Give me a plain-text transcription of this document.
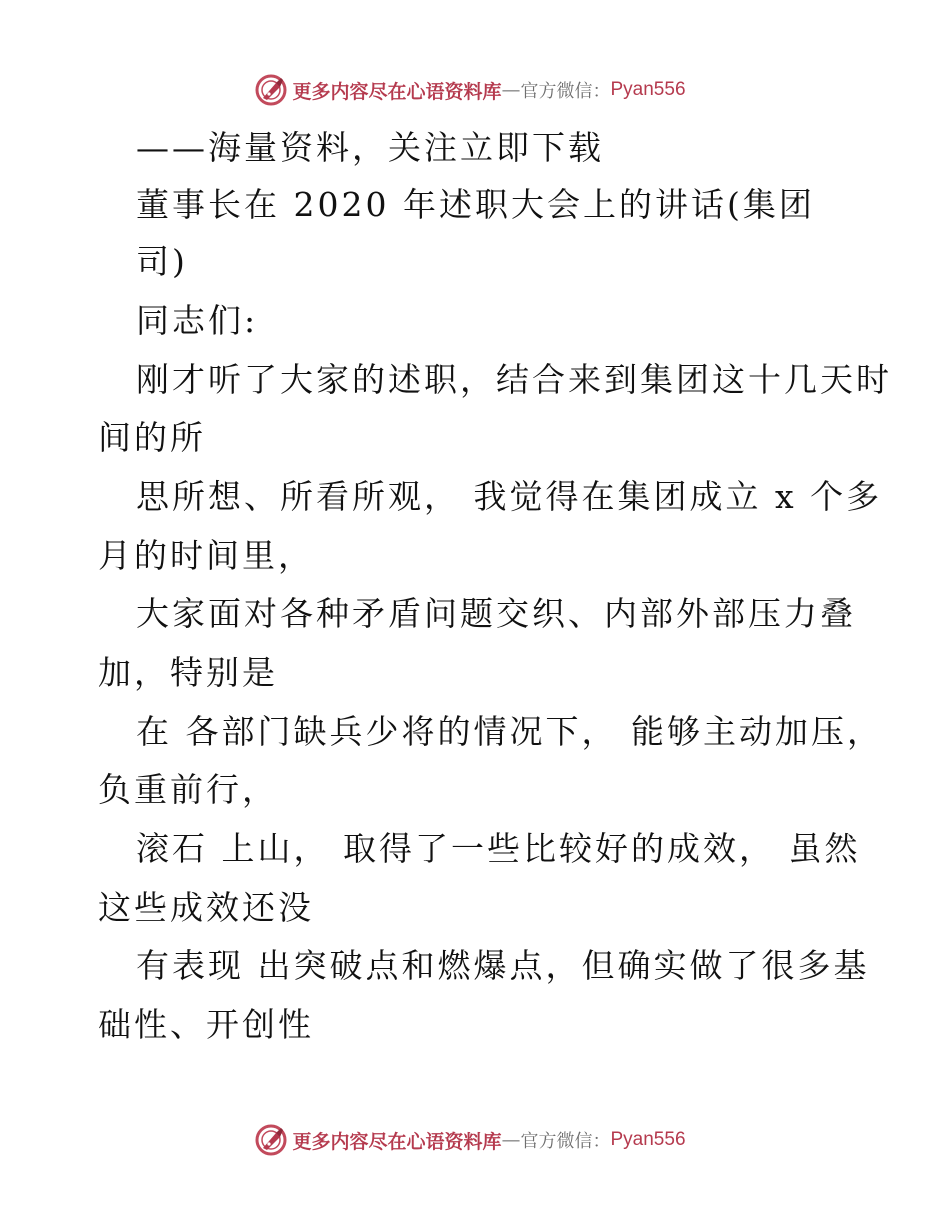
更多内容尽在心语资料库 — 官方微信： Pyan556
——海量资料，关注立即下载
董事长在 2020 年述职大会上的讲话(集团
司)
同志们:
刚才听了大家的述职，结合来到集团这十几天时
间的所
思所想、所看所观， 我觉得在集团成立 x 个多
月的时间里，
大家面对各种矛盾问题交织、内部外部压力叠
加，特别是
在 各部门缺兵少将的情况下， 能够主动加压，
负重前行，
滚石 上山， 取得了一些比较好的成效， 虽然
这些成效还没
有表现 出突破点和燃爆点，但确实做了很多基
础性、开创性
更多内容尽在心语资料库 — 官方微信： Pyan556
